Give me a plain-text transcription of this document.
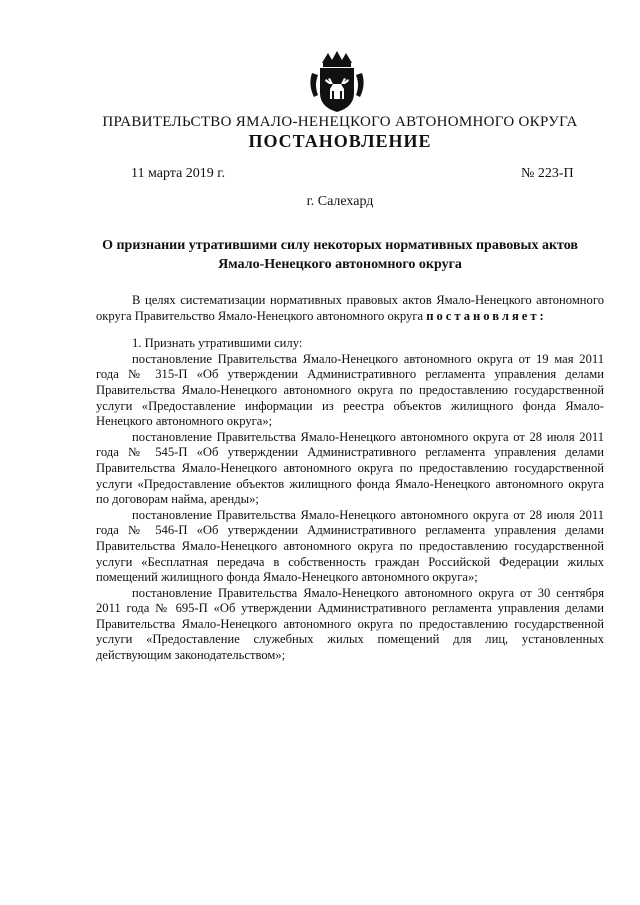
ПРАВИТЕЛЬСТВО ЯМАЛО-НЕНЕЦКОГО АВТОНОМНОГО ОКРУГА
ПОСТАНОВЛЕНИЕ
11 марта 2019 г.	№ 223-П
г. Салехард
О признании утратившими силу некоторых нормативных правовых актов Ямало-Ненецкого автономного округа

В целях систематизации нормативных правовых актов Ямало-Ненецкого автономного округа Правительство Ямало-Ненецкого автономного округа постановляет:

1. Признать утратившими силу:

постановление Правительства Ямало-Ненецкого автономного округа от 19 мая 2011 года № 315-П «Об утверждении Административного регламента управления делами Правительства Ямало-Ненецкого автономного округа по предоставлению государственной услуги «Предоставление информации из реестра объектов жилищного фонда Ямало-Ненецкого автономного округа»;

постановление Правительства Ямало-Ненецкого автономного округа от 28 июля 2011 года № 545-П «Об утверждении Административного регламента управления делами Правительства Ямало-Ненецкого автономного округа по предоставлению государственной услуги «Предоставление объектов жилищного фонда Ямало-Ненецкого автономного округа по договорам найма, аренды»;

постановление Правительства Ямало-Ненецкого автономного округа от 28 июля 2011 года № 546-П «Об утверждении Административного регламента управления делами Правительства Ямало-Ненецкого автономного округа по предоставлению государственной услуги «Бесплатная передача в собственность граждан Российской Федерации жилых помещений жилищного фонда Ямало-Ненецкого автономного округа»;

постановление Правительства Ямало-Ненецкого автономного округа от 30 сентября 2011 года № 695-П «Об утверждении Административного регламента управления делами Правительства Ямало-Ненецкого автономного округа по предоставлению государственной услуги «Предоставление служебных жилых помещений для лиц, установленных действующим законодательством»;
